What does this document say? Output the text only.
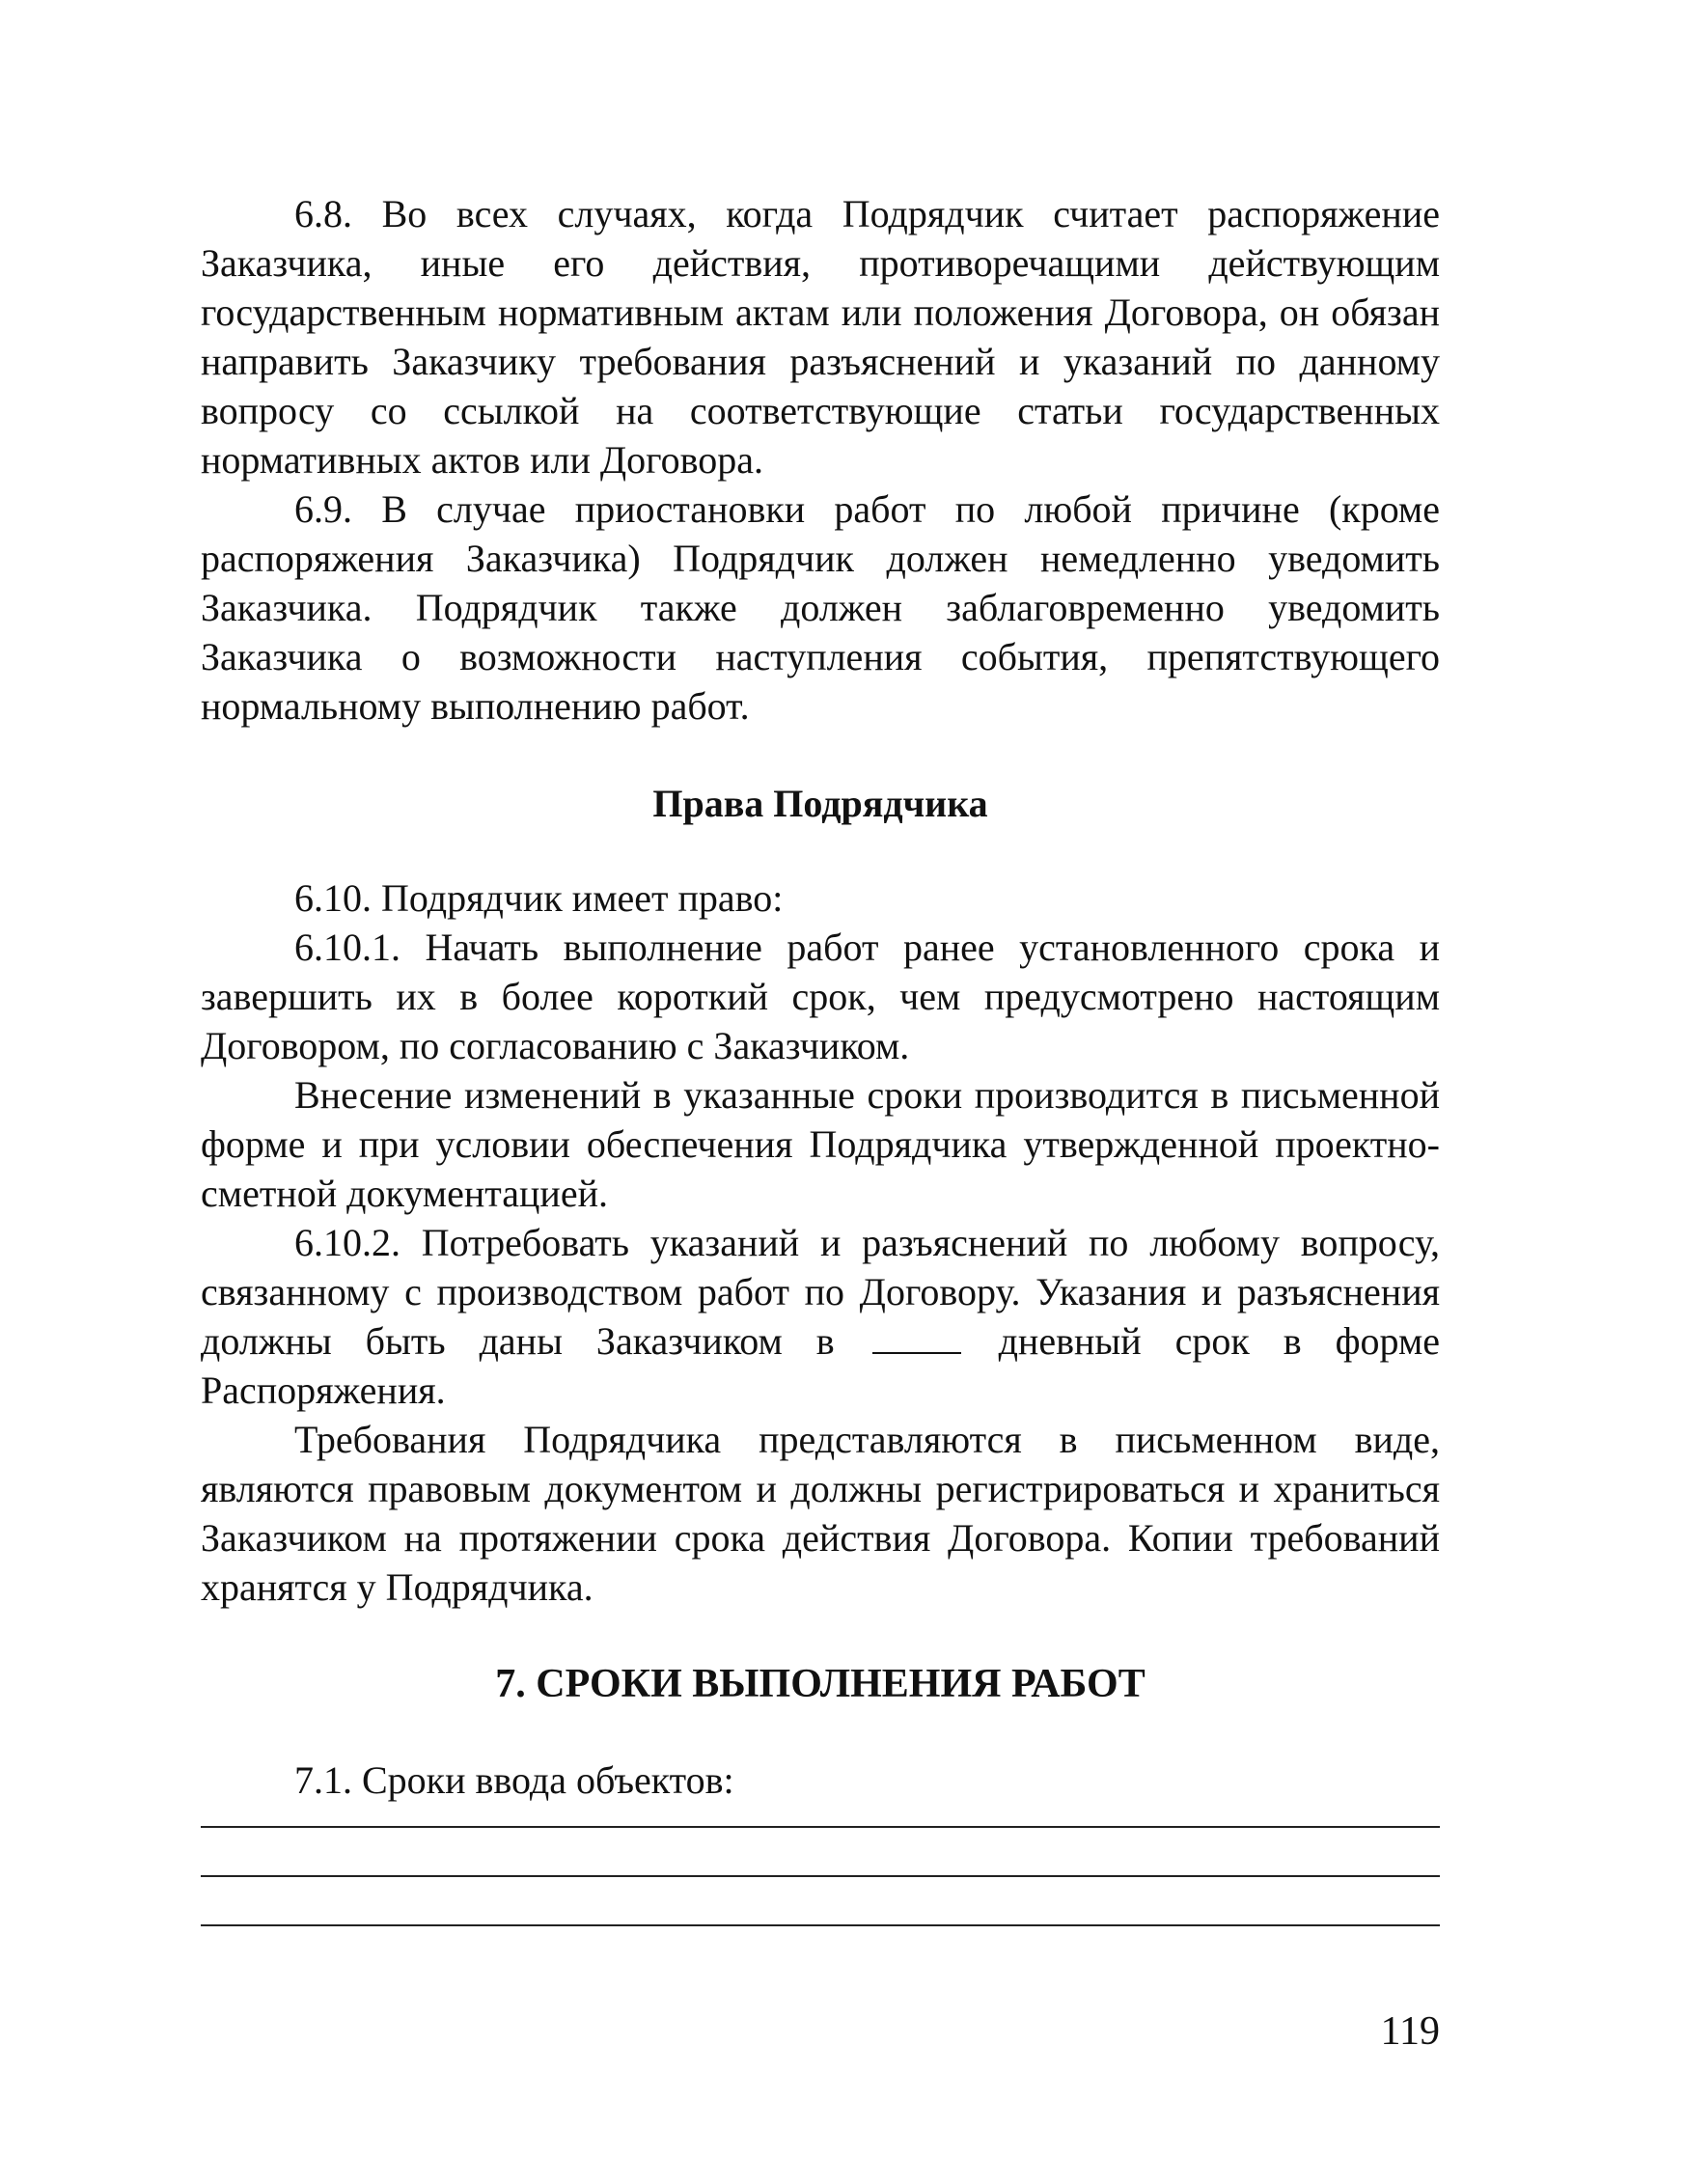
6.8. Во всех случаях, когда Подрядчик считает распоряжение Заказчика, иные его действия, противоречащими действующим государственным нормативным актам или положения Договора, он обязан направить Заказчику требования разъяснений и указаний по данному вопросу со ссылкой на соответствующие статьи государственных нормативных актов или Договора.

6.9. В случае приостановки работ по любой причине (кроме распоряжения Заказчика) Подрядчик должен немедленно уведомить Заказчика. Подрядчик также должен заблаговременно уведомить Заказчика о возможности наступления события, препятствующего нормальному выполнению работ.

Права Подрядчика

6.10. Подрядчик имеет право:

6.10.1. Начать выполнение работ ранее установленного срока и завершить их в более короткий срок, чем предусмотрено настоящим Договором, по согласованию с Заказчиком.

Внесение изменений в указанные сроки производится в письменной форме и при условии обеспечения Подрядчика утвержденной проектно-сметной документацией.

6.10.2. Потребовать указаний и разъяснений по любому вопросу, связанному с производством работ по Договору. Указания и разъяснения должны быть даны Заказчиком в	дневный срок в форме Распоряжения.

Требования Подрядчика представляются в письменном виде, являются правовым документом и должны регистрироваться и храниться Заказчиком на протяжении срока действия Договора. Копии требований хранятся у Подрядчика.

7. СРОКИ ВЫПОЛНЕНИЯ РАБОТ

7.1. Сроки ввода объектов:

119
